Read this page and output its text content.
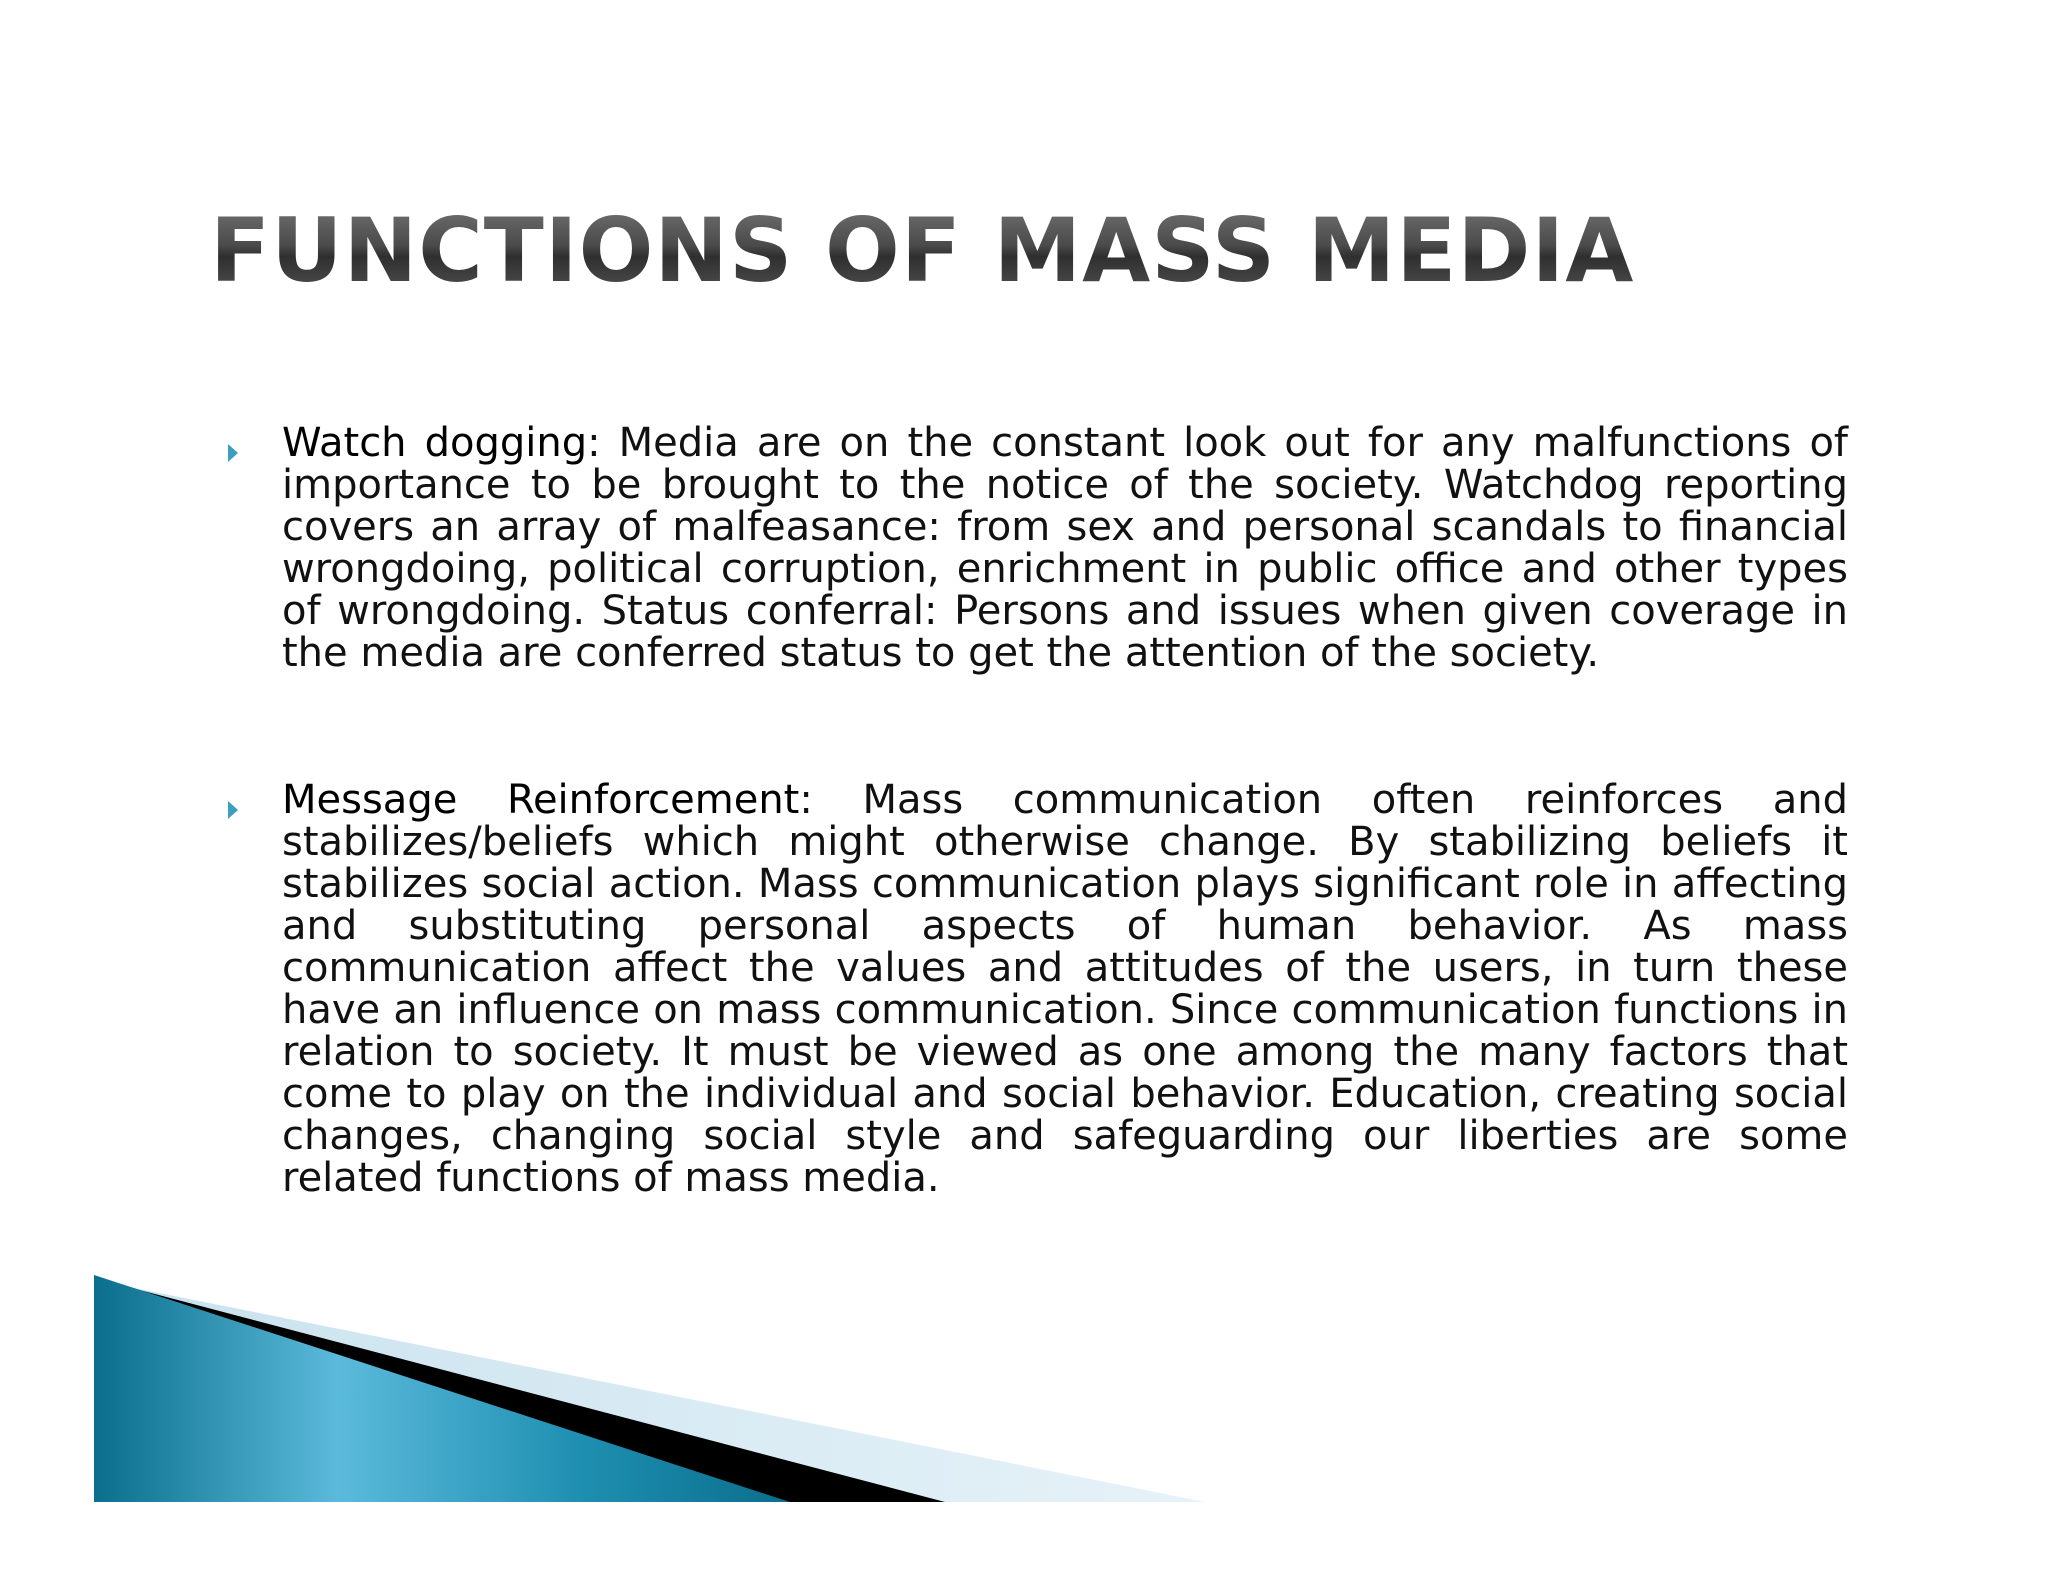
FUNCTIONS OF MASS MEDIA

Watch dogging: Media are on the constant look out for any malfunctions of importance to be brought to the notice of the society. Watchdog reporting covers an array of malfeasance: from sex and personal scandals to financial wrongdoing, political corruption, enrichment in public office and other types of wrongdoing. Status conferral: Persons and issues when given coverage in the media are conferred status to get the attention of the society.

Message Reinforcement: Mass communication often reinforces and stabilizes/beliefs which might otherwise change. By stabilizing beliefs it stabilizes social action. Mass communication plays significant role in affecting and substituting personal aspects of human behavior. As mass communication affect the values and attitudes of the users, in turn these have an influence on mass communication. Since communication functions in relation to society. It must be viewed as one among the many factors that come to play on the individual and social behavior. Education, creating social changes, changing social style and safeguarding our liberties are some related functions of mass media.
